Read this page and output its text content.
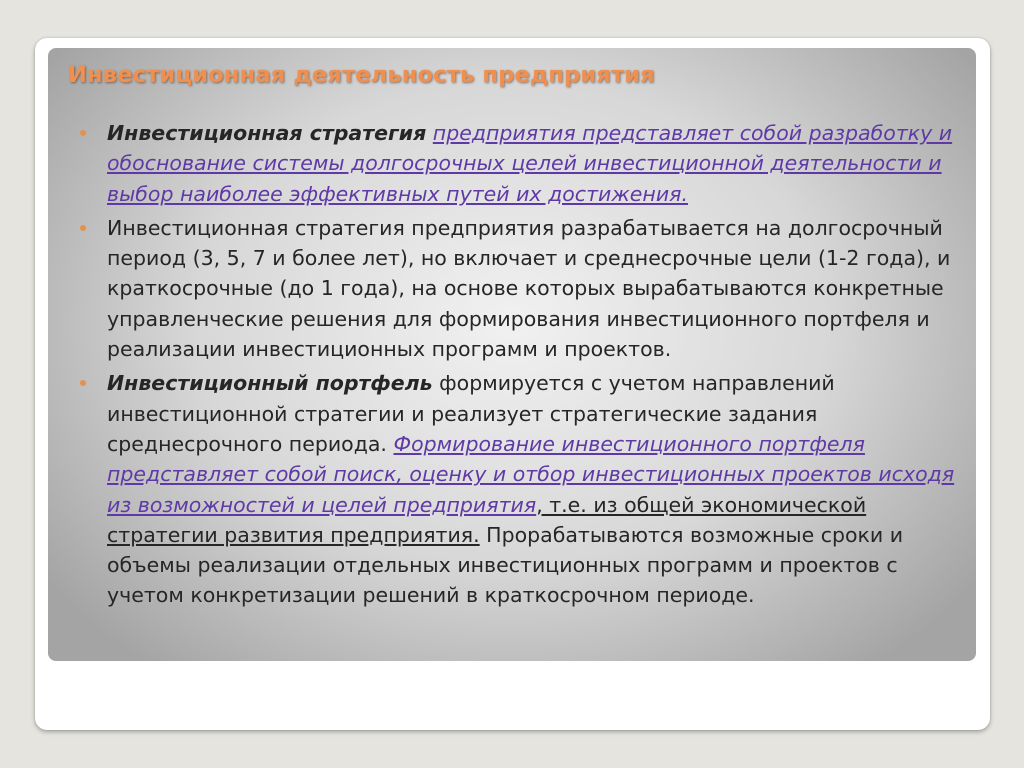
Инвестиционная деятельность предприятия
Инвестиционная стратегия предприятия представляет собой разработку и обоснование системы долгосрочных целей инвестиционной деятельности и выбор наиболее эффективных путей их достижения.
Инвестиционная стратегия предприятия разрабатывается на долгосрочный период (3, 5, 7 и более лет), но включает и среднесрочные цели (1-2 года), и краткосрочные (до 1 года), на основе которых вырабатываются конкретные управленческие решения для формирования инвестиционного портфеля и реализации инвестиционных программ и проектов.
Инвестиционный портфель формируется с учетом направлений инвестиционной стратегии и реализует стратегические задания среднесрочного периода. Формирование инвестиционного портфеля представляет собой поиск, оценку и отбор инвестиционных проектов исходя из возможностей и целей предприятия, т.е. из общей экономической стратегии развития предприятия. Прорабатываются возможные сроки и объемы реализации отдельных инвестиционных программ и проектов с учетом конкретизации решений в краткосрочном периоде.
